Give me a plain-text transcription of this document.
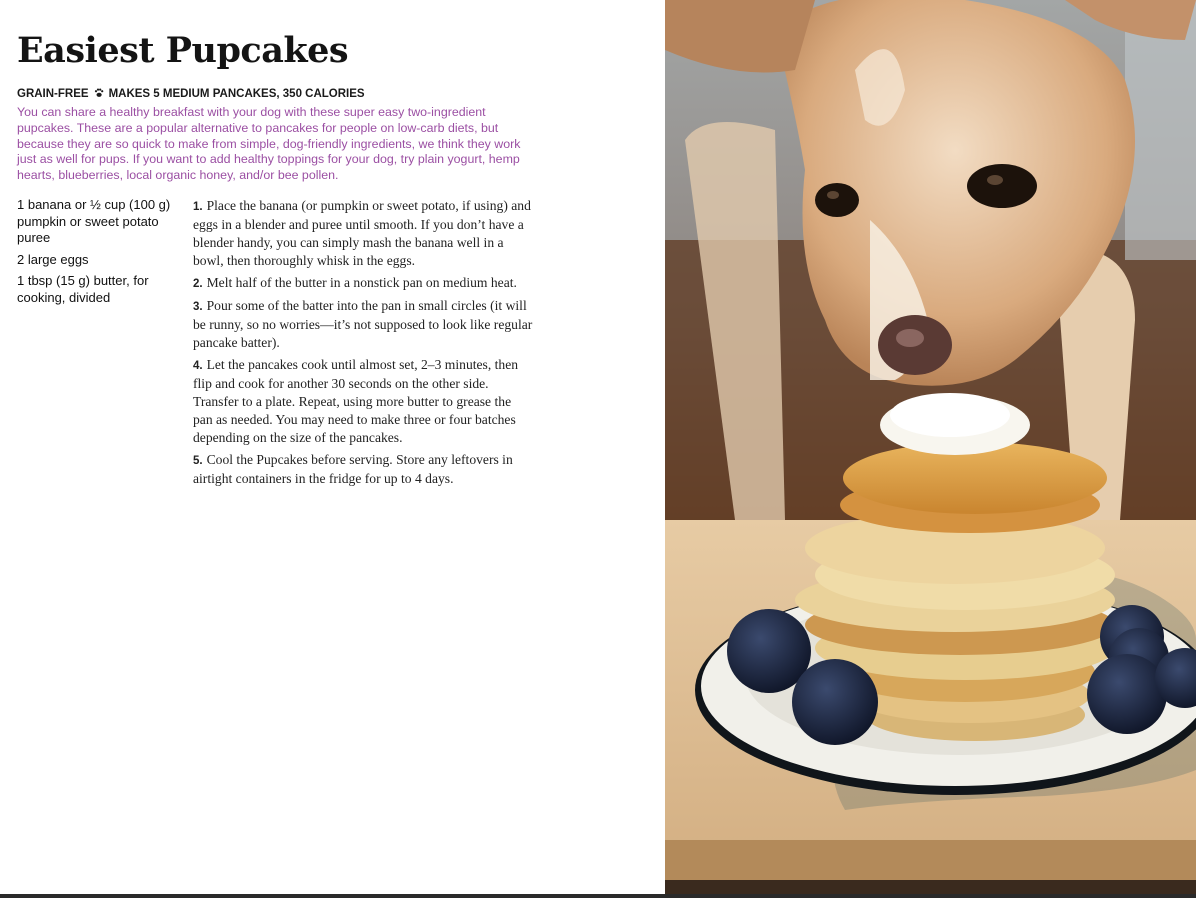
Easiest Pupcakes
GRAIN-FREE MAKES 5 MEDIUM PANCAKES, 350 CALORIES

You can share a healthy breakfast with your dog with these super easy two-ingredient pupcakes. These are a popular alternative to pancakes for people on low-carb diets, but because they are so quick to make from simple, dog-friendly ingredients, we think they work just as well for pups. If you want to add healthy toppings for your dog, try plain yogurt, hemp hearts, blueberries, local organic honey, and/or bee pollen.

1 banana or ½ cup (100 g) pumpkin or sweet potato puree
2 large eggs
1 tbsp (15 g) butter, for cooking, divided
1. Place the banana (or pumpkin or sweet potato, if using) and eggs in a blender and puree until smooth. If you don’t have a blender handy, you can simply mash the banana well in a bowl, then thoroughly whisk in the eggs.
2. Melt half of the butter in a nonstick pan on medium heat.
3. Pour some of the batter into the pan in small circles (it will be runny, so no worries—it’s not supposed to look like regular pancake batter).
4. Let the pancakes cook until almost set, 2–3 minutes, then flip and cook for another 30 seconds on the other side. Transfer to a plate. Repeat, using more butter to grease the pan as needed. You may need to make three or four batches depending on the size of the pancakes.
5. Cool the Pupcakes before serving. Store any leftovers in airtight containers in the fridge for up to 4 days.
